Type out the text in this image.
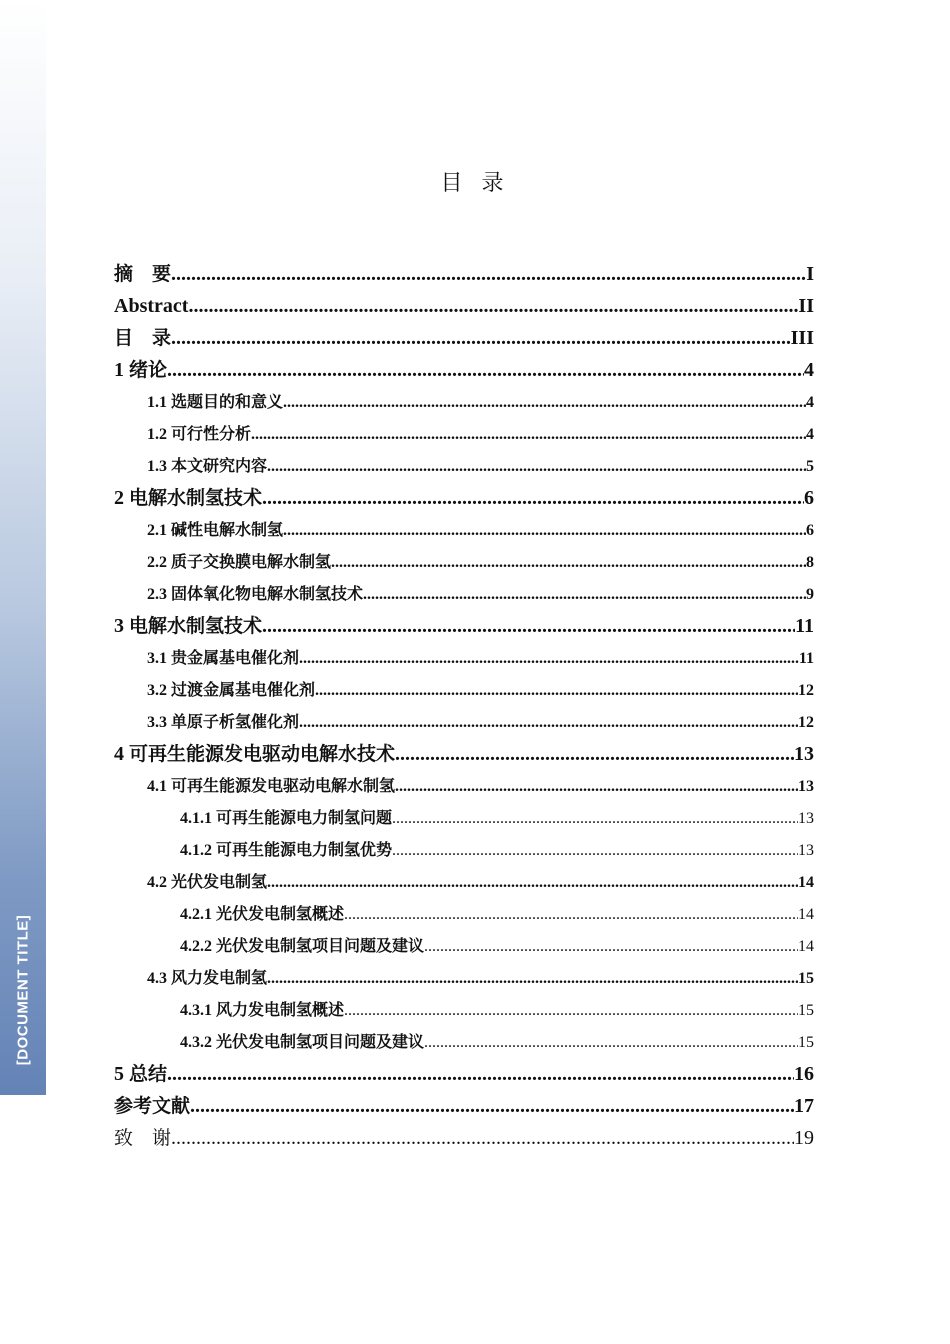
[DOCUMENT TITLE]
目 录
摘　要 .....	I
Abstract .....	II
目　录 .....	III
1 绪论 .....	4
1.1 选题目的和意义 .....	4
1.2 可行性分析 .....	4
1.3 本文研究内容 .....	5
2 电解水制氢技术 .....	6
2.1 碱性电解水制氢 .....	6
2.2 质子交换膜电解水制氢 .....	8
2.3 固体氧化物电解水制氢技术 .....	9
3 电解水制氢技术 .....	11
3.1 贵金属基电催化剂 .....	11
3.2 过渡金属基电催化剂 .....	12
3.3 单原子析氢催化剂 .....	12
4 可再生能源发电驱动电解水技术 .....	13
4.1 可再生能源发电驱动电解水制氢 .....	13
4.1.1 可再生能源电力制氢问题 .....	13
4.1.2 可再生能源电力制氢优势 .....	13
4.2 光伏发电制氢 .....	14
4.2.1 光伏发电制氢概述 .....	14
4.2.2 光伏发电制氢项目问题及建议 .....	14
4.3 风力发电制氢 .....	15
4.3.1 风力发电制氢概述 .....	15
4.3.2 光伏发电制氢项目问题及建议 .....	15
5 总结 .....	16
参考文献 .....	17
致　谢 .....	19
